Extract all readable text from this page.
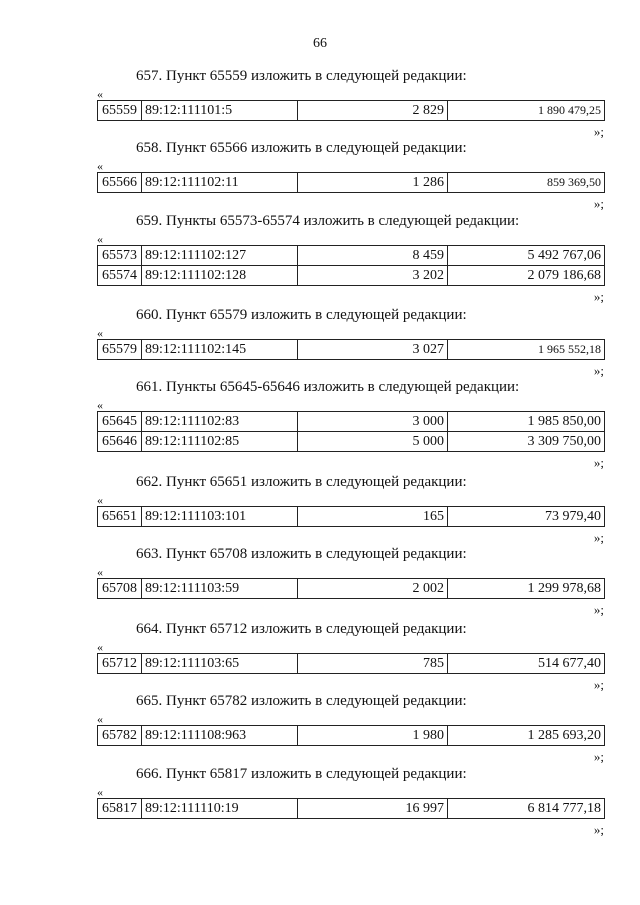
66
657. Пункт 65559 изложить в следующей редакции:
«
65559	89:12:111101:5	2 829	1 890 479,25
»;
658. Пункт 65566 изложить в следующей редакции:
«
65566	89:12:111102:11	1 286	859 369,50
»;
659. Пункты 65573-65574 изложить в следующей редакции:
«
65573	89:12:111102:127	8 459	5 492 767,06
65574	89:12:111102:128	3 202	2 079 186,68
»;
660. Пункт 65579 изложить в следующей редакции:
«
65579	89:12:111102:145	3 027	1 965 552,18
»;
661. Пункты 65645-65646 изложить в следующей редакции:
«
65645	89:12:111102:83	3 000	1 985 850,00
65646	89:12:111102:85	5 000	3 309 750,00
»;
662. Пункт 65651 изложить в следующей редакции:
«
65651	89:12:111103:101	165	73 979,40
»;
663. Пункт 65708 изложить в следующей редакции:
«
65708	89:12:111103:59	2 002	1 299 978,68
»;
664. Пункт 65712 изложить в следующей редакции:
«
65712	89:12:111103:65	785	514 677,40
»;
665. Пункт 65782 изложить в следующей редакции:
«
65782	89:12:111108:963	1 980	1 285 693,20
»;
666. Пункт 65817 изложить в следующей редакции:
«
65817	89:12:111110:19	16 997	6 814 777,18
»;
